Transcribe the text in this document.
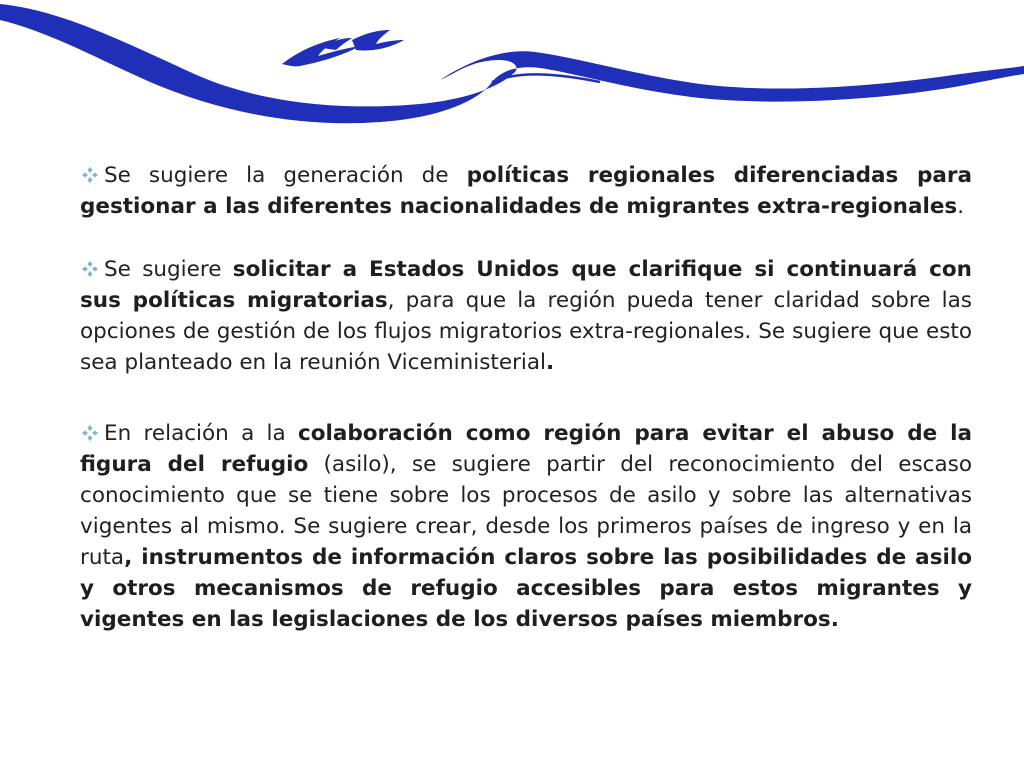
Se sugiere la generación de políticas regionales diferenciadas para gestionar a las diferentes nacionalidades de migrantes extra-regionales.

Se sugiere solicitar a Estados Unidos que clarifique si continuará con sus políticas migratorias, para que la región pueda tener claridad sobre las opciones de gestión de los flujos migratorios extra-regionales. Se sugiere que esto sea planteado en la reunión Viceministerial.

En relación a la colaboración como región para evitar el abuso de la figura del refugio (asilo), se sugiere partir del reconocimiento del escaso conocimiento que se tiene sobre los procesos de asilo y sobre las alternativas vigentes al mismo. Se sugiere crear, desde los primeros países de ingreso y en la ruta, instrumentos de información claros sobre las posibilidades de asilo y otros mecanismos de refugio accesibles para estos migrantes y vigentes en las legislaciones de los diversos países miembros.
